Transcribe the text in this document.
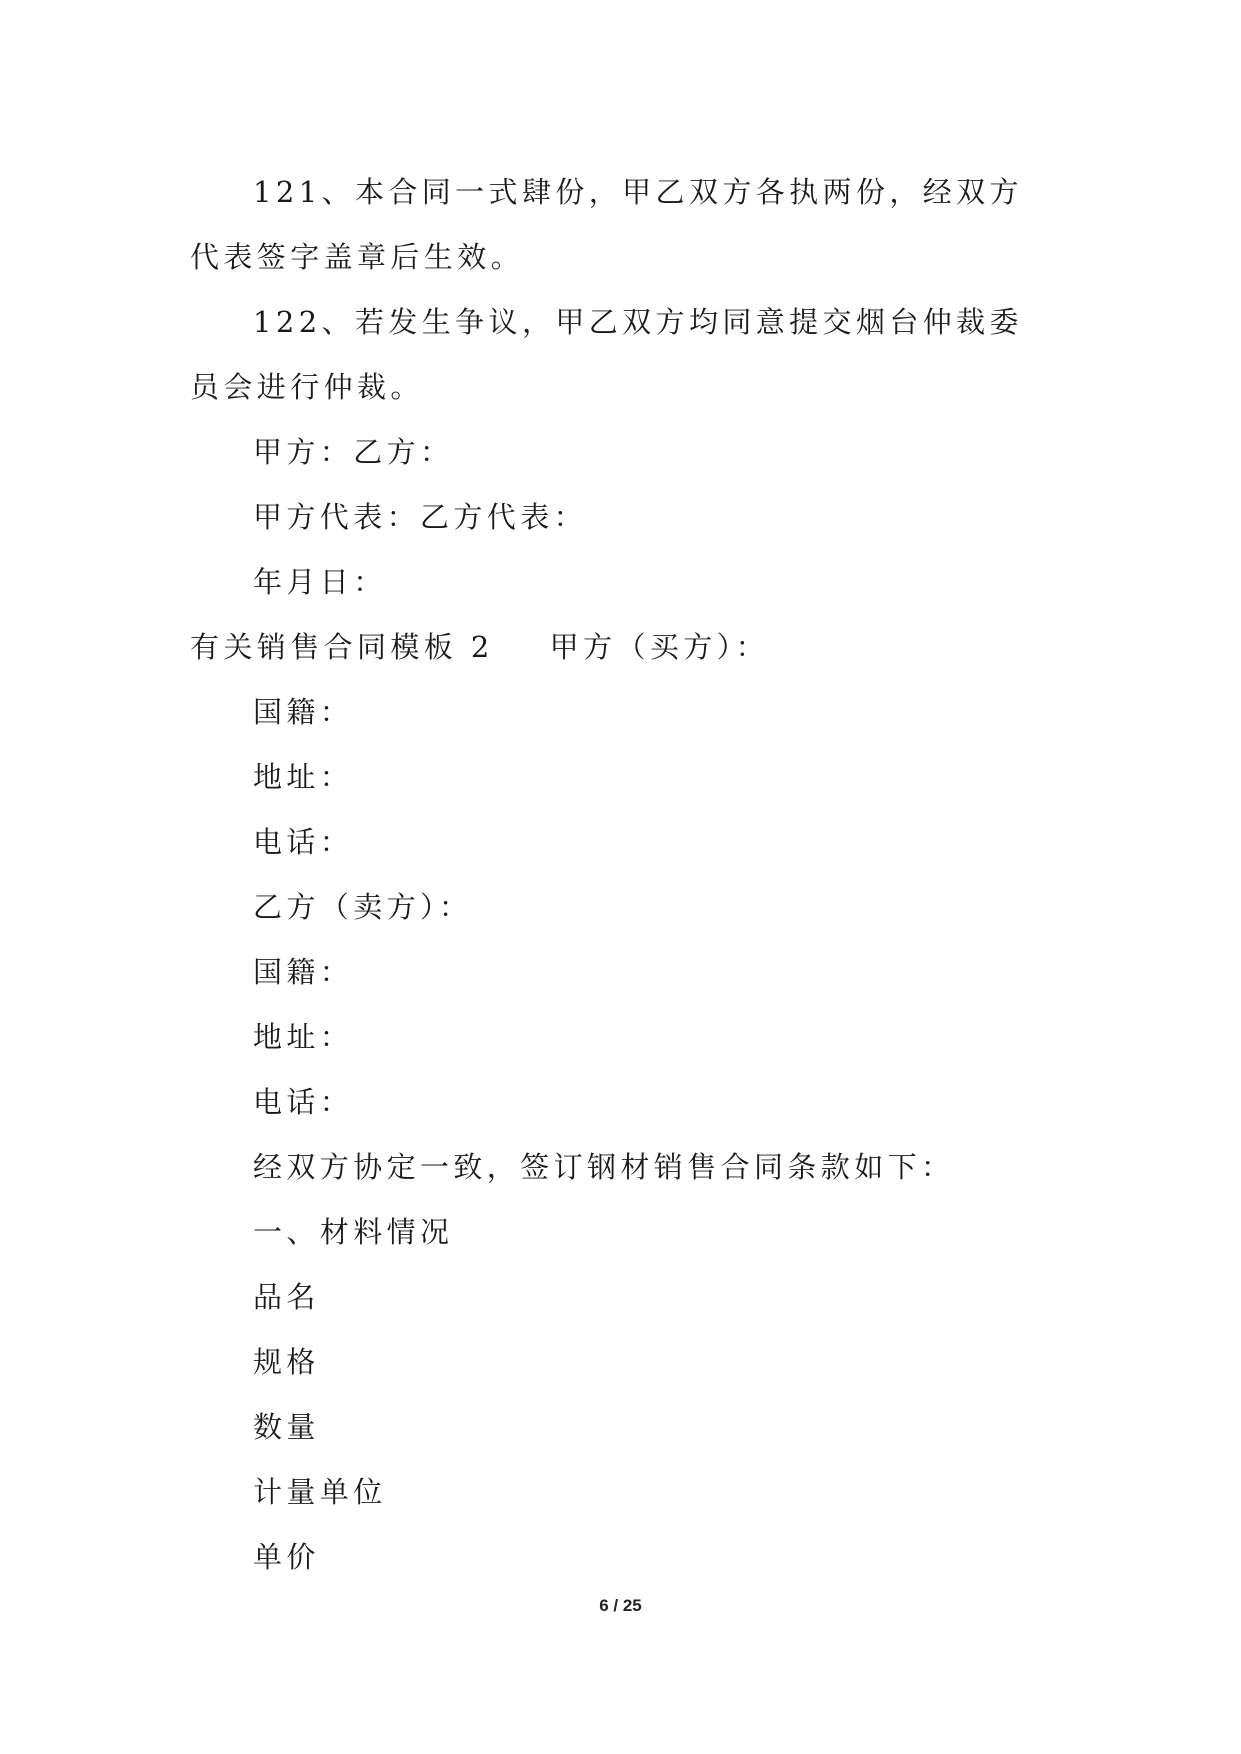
121、本合同一式肆份，甲乙双方各执两份，经双方代表签字盖章后生效。

122、若发生争议，甲乙双方均同意提交烟台仲裁委员会进行仲裁。

甲方：乙方：

甲方代表：乙方代表：

年月日：

有关销售合同模板 2 甲方（买方）：

国籍：

地址：

电话：

乙方（卖方）：

国籍：

地址：

电话：

经双方协定一致，签订钢材销售合同条款如下：

一、材料情况

品名

规格

数量

计量单位

单价

6 / 25
